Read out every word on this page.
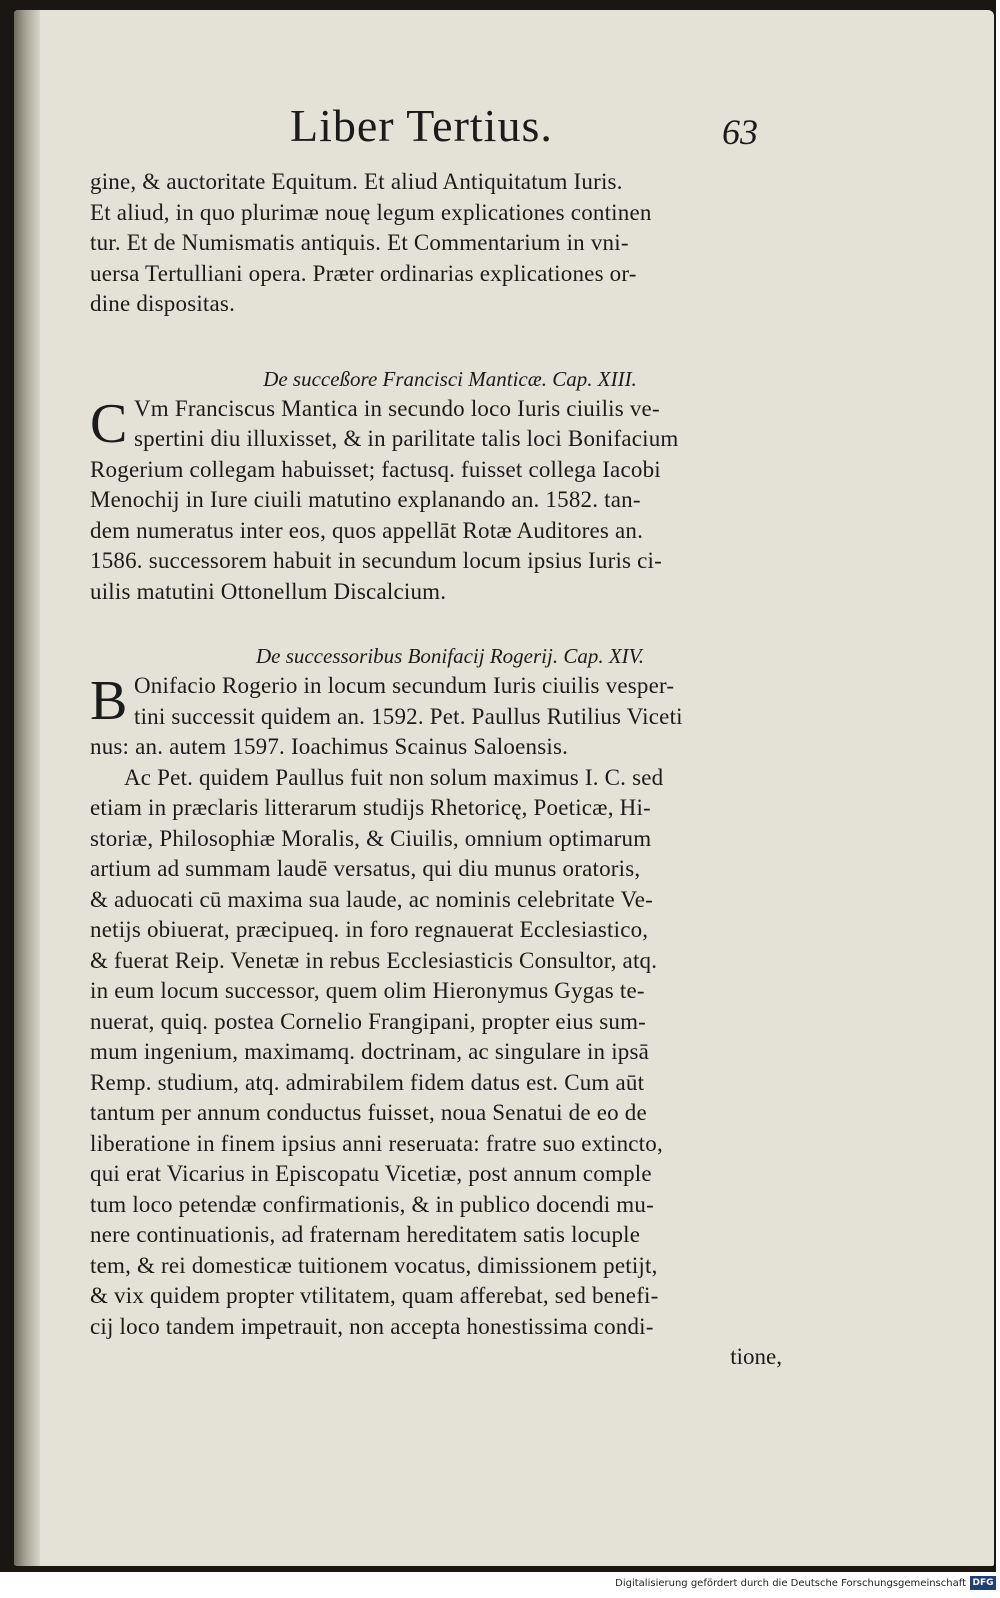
Liber Tertius.	63
gine, & auctoritate Equitum. Et aliud Antiquitatum Iuris.
Et aliud, in quo plurimæ nouę legum explicationes continen
tur. Et de Numismatis antiquis. Et Commentarium in vni-
uersa Tertulliani opera. Præter ordinarias explicationes or-
dine dispositas.
De succeßore Francisci Manticæ. Cap. XIII.
C Vm Franciscus Mantica in secundo loco Iuris ciuilis ve-
spertini diu illuxisset, & in parilitate talis loci Bonifacium
Rogerium collegam habuisset; factusq. fuisset collega Iacobi
Menochij in Iure ciuili matutino explanando an. 1582. tan-
dem numeratus inter eos, quos appellāt Rotæ Auditores an.
1586. successorem habuit in secundum locum ipsius Iuris ci-
uilis matutini Ottonellum Discalcium.
De successoribus Bonifacij Rogerij. Cap. XIV.
B Onifacio Rogerio in locum secundum Iuris ciuilis vesper-
tini successit quidem an. 1592. Pet. Paullus Rutilius Viceti
nus: an. autem 1597. Ioachimus Scainus Saloensis.
Ac Pet. quidem Paullus fuit non solum maximus I. C. sed
etiam in præclaris litterarum studijs Rhetoricę, Poeticæ, Hi-
storiæ, Philosophiæ Moralis, & Ciuilis, omnium optimarum
artium ad summam laudē versatus, qui diu munus oratoris,
& aduocati cū maxima sua laude, ac nominis celebritate Ve-
netijs obiuerat, præcipueq. in foro regnauerat Ecclesiastico,
& fuerat Reip. Venetæ in rebus Ecclesiasticis Consultor, atq.
in eum locum successor, quem olim Hieronymus Gygas te-
nuerat, quiq. postea Cornelio Frangipani, propter eius sum-
mum ingenium, maximamq. doctrinam, ac singulare in ipsā
Remp. studium, atq. admirabilem fidem datus est. Cum aūt
tantum per annum conductus fuisset, noua Senatui de eo de
liberatione in finem ipsius anni reseruata: fratre suo extincto,
qui erat Vicarius in Episcopatu Vicetiæ, post annum comple
tum loco petendæ confirmationis, & in publico docendi mu-
nere continuationis, ad fraternam hereditatem satis locuple
tem, & rei domesticæ tuitionem vocatus, dimissionem petijt,
& vix quidem propter vtilitatem, quam afferebat, sed benefi-
cij loco tandem impetrauit, non accepta honestissima condi-
tione,
Digitalisierung gefördert durch die Deutsche Forschungsgemeinschaft DFG
